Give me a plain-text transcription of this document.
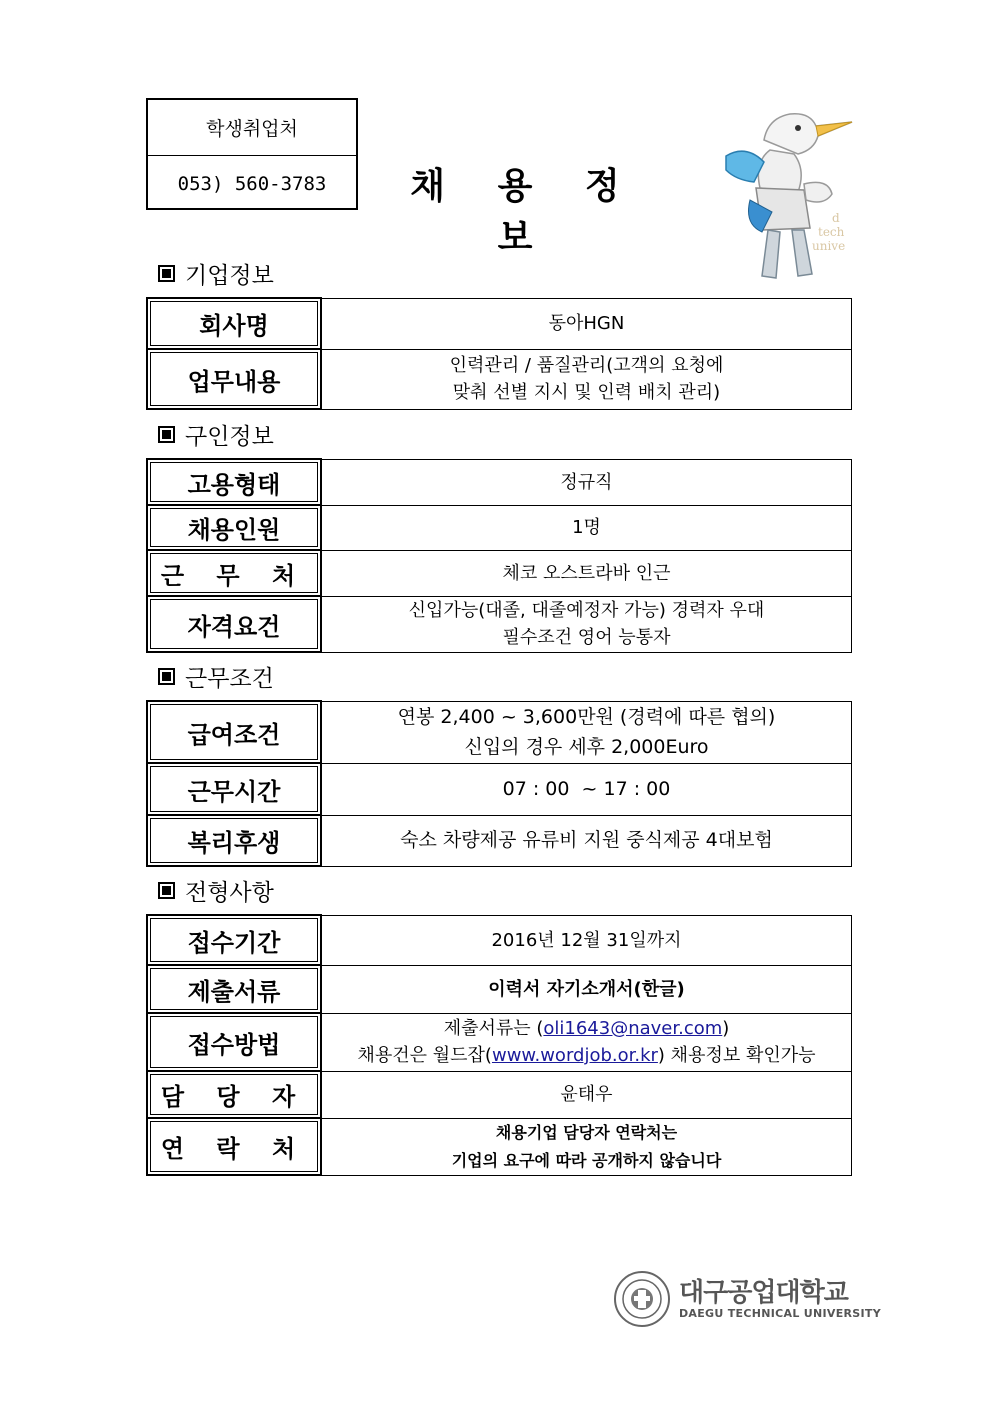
학생취업처
053) 560-3783	채 용 정 보	d
tech
unive
기업정보
회사명	동아HGN
업무내용	인력관리 / 품질관리(고객의 요청에
맞춰 선별 지시 및 인력 배치 관리)
구인정보
고용형태	정규직
채용인원	1명
근 무 처	체코 오스트라바 인근
자격요건	신입가능(대졸, 대졸예정자 가능) 경력자 우대
필수조건 영어 능통자
근무조건
급여조건	연봉 2,400 ~ 3,600만원 (경력에 따른 협의)
신입의 경우 세후 2,000Euro

근무시간	07 : 00  ~ 17 : 00
복리후생	숙소 차량제공 유류비 지원 중식제공 4대보험
전형사항
접수기간	2016년 12월 31일까지
제출서류	이력서 자기소개서(한글)
접수방법	제출서류는 (oli1643@naver.com)
채용건은 월드잡(www.wordjob.or.kr) 채용정보 확인가능

담 당 자	윤태우
연 락 처	채용기업 담당자 연락처는
기업의 요구에 따라 공개하지 않습니다
대구공업대학교
DAEGU TECHNICAL UNIVERSITY
